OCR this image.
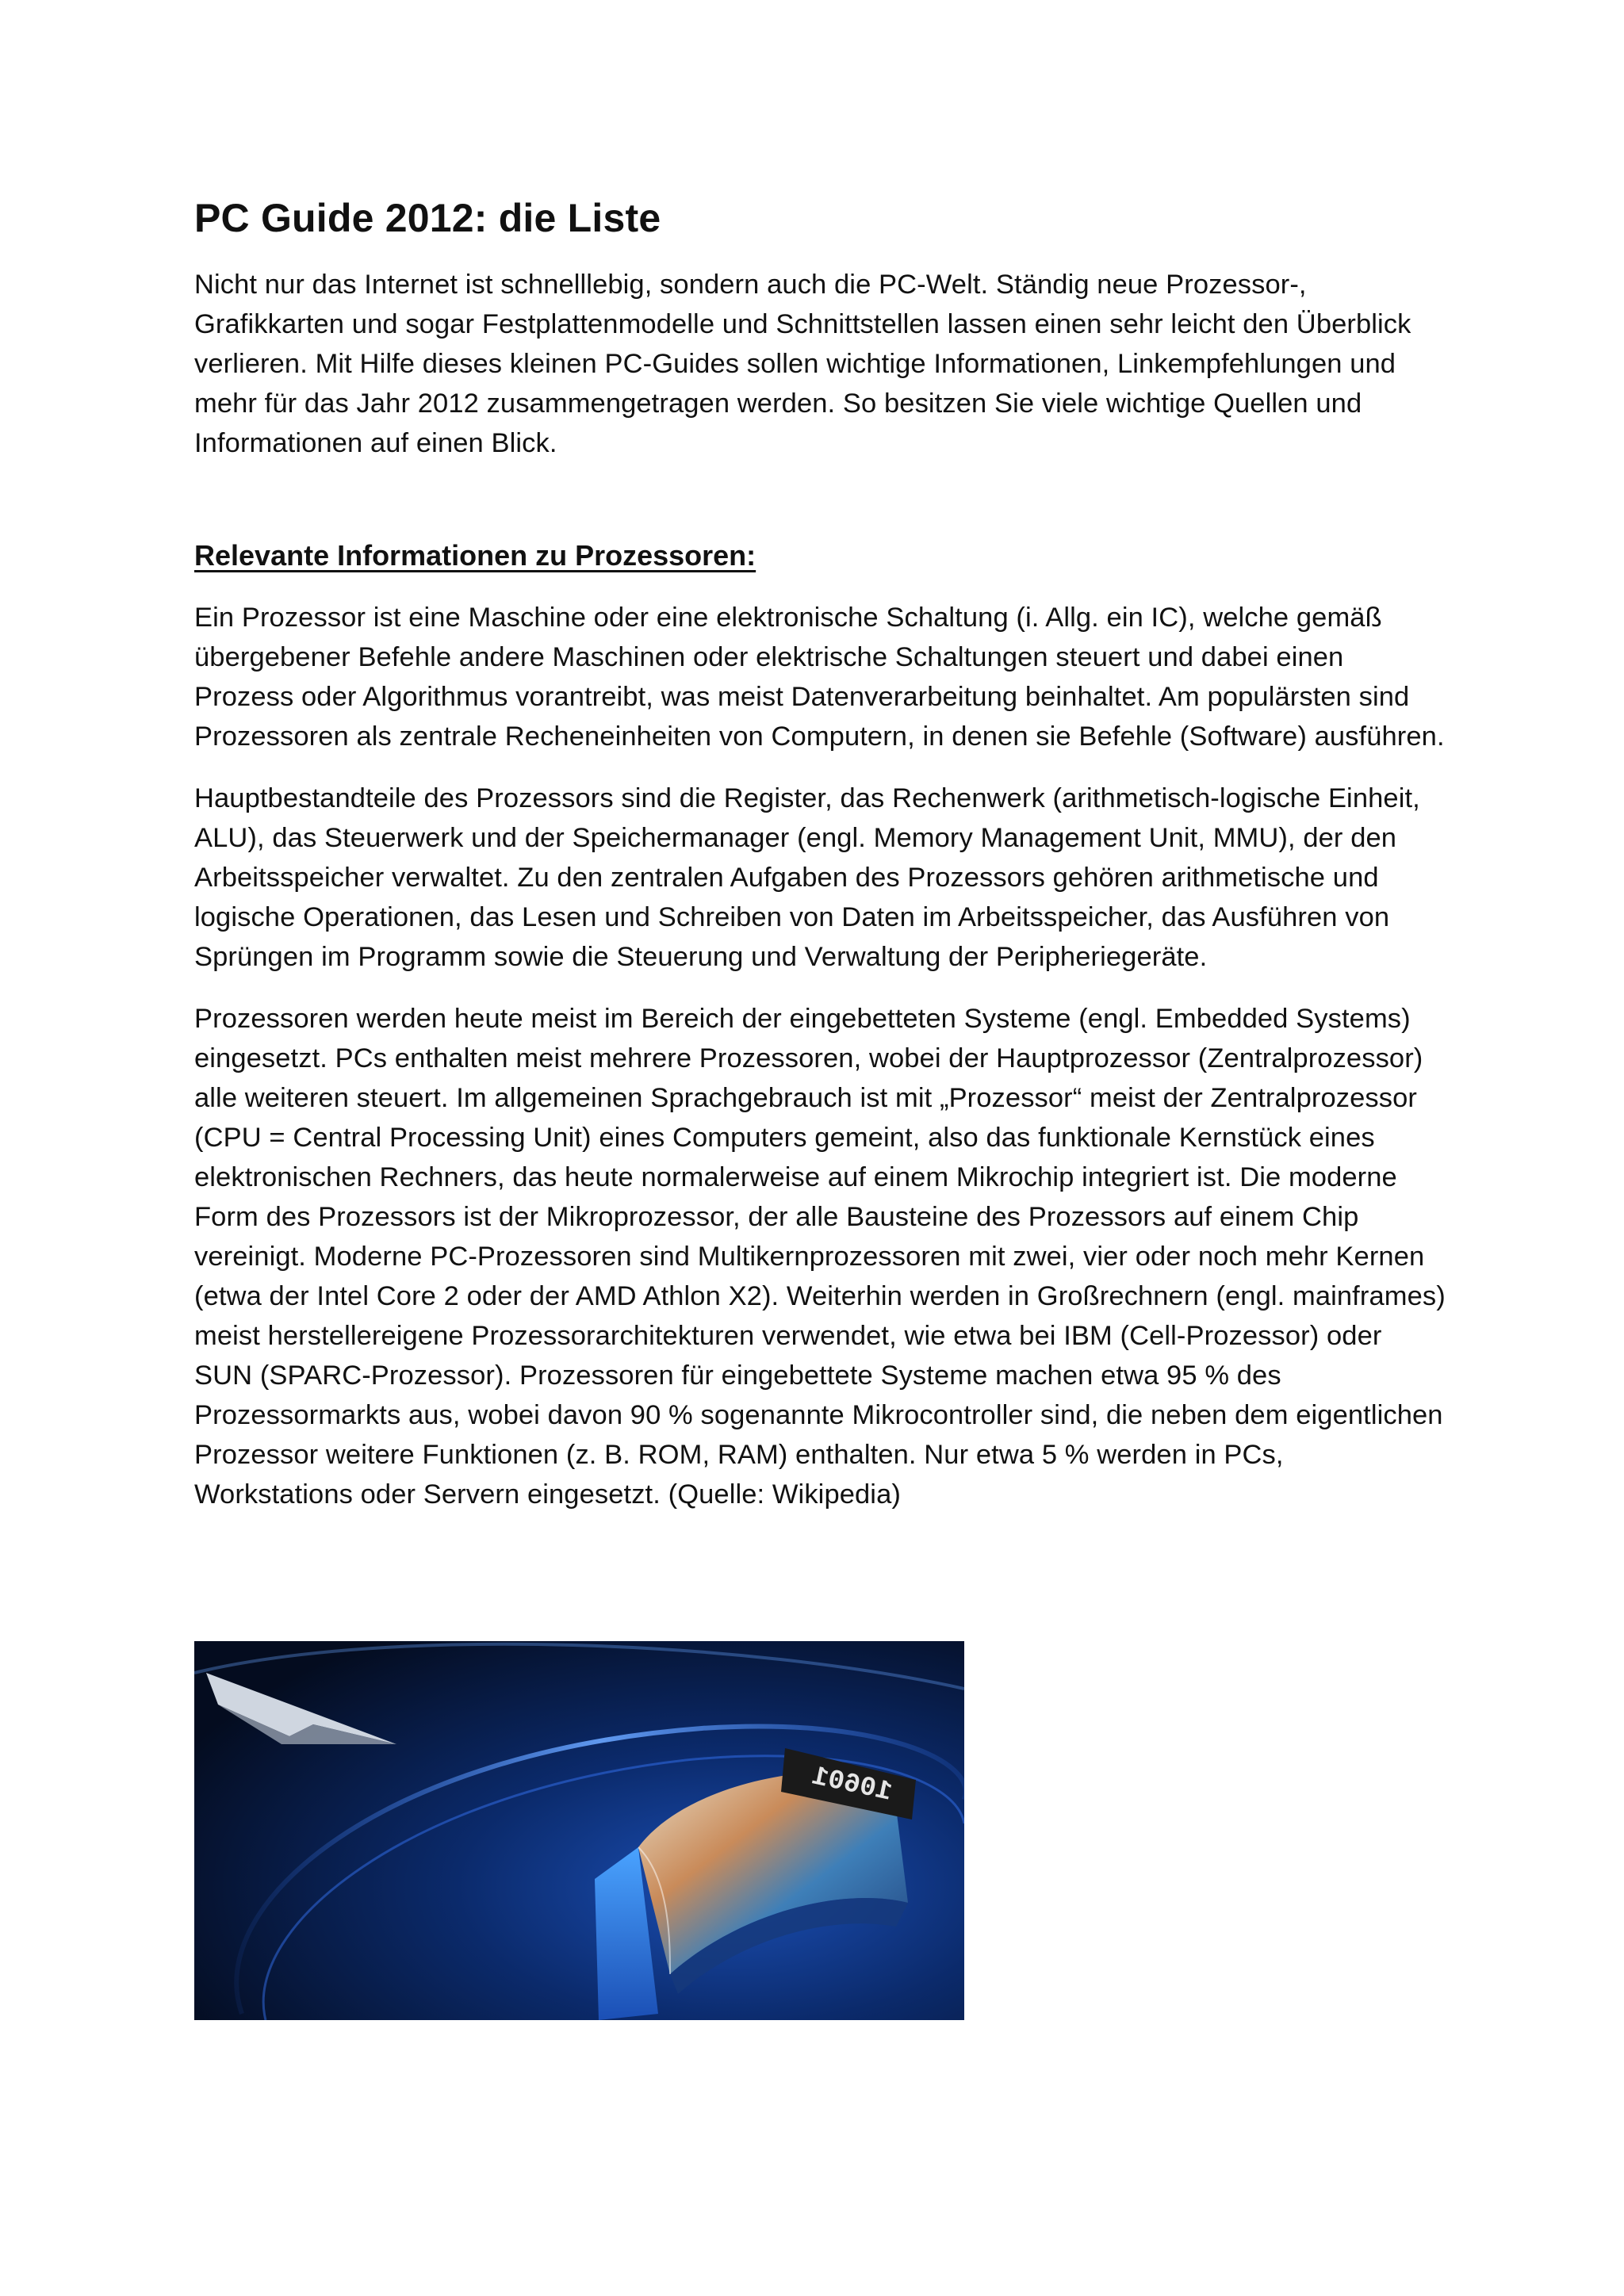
PC Guide 2012: die Liste

Nicht nur das Internet ist schnelllebig, sondern auch die PC-Welt. Ständig neue Prozessor-, Grafikkarten und sogar Festplattenmodelle und Schnittstellen lassen einen sehr leicht den Überblick verlieren. Mit Hilfe dieses kleinen PC-Guides sollen wichtige Informationen, Linkempfehlungen und mehr für das Jahr 2012 zusammengetragen werden. So besitzen Sie viele wichtige Quellen und Informationen auf einen Blick.

Relevante Informationen zu Prozessoren:

Ein Prozessor ist eine Maschine oder eine elektronische Schaltung (i. Allg. ein IC), welche gemäß übergebener Befehle andere Maschinen oder elektrische Schaltungen steuert und dabei einen Prozess oder Algorithmus vorantreibt, was meist Datenverarbeitung beinhaltet. Am populärsten sind Prozessoren als zentrale Recheneinheiten von Computern, in denen sie Befehle (Software) ausführen.

Hauptbestandteile des Prozessors sind die Register, das Rechenwerk (arithmetisch-logische Einheit, ALU), das Steuerwerk und der Speichermanager (engl. Memory Management Unit, MMU), der den Arbeitsspeicher verwaltet. Zu den zentralen Aufgaben des Prozessors gehören arithmetische und logische Operationen, das Lesen und Schreiben von Daten im Arbeitsspeicher, das Ausführen von Sprüngen im Programm sowie die Steuerung und Verwaltung der Peripheriegeräte.

Prozessoren werden heute meist im Bereich der eingebetteten Systeme (engl. Embedded Systems) eingesetzt. PCs enthalten meist mehrere Prozessoren, wobei der Hauptprozessor (Zentralprozessor) alle weiteren steuert. Im allgemeinen Sprachgebrauch ist mit „Prozessor“ meist der Zentralprozessor (CPU = Central Processing Unit) eines Computers gemeint, also das funktionale Kernstück eines elektronischen Rechners, das heute normalerweise auf einem Mikrochip integriert ist. Die moderne Form des Prozessors ist der Mikroprozessor, der alle Bausteine des Prozessors auf einem Chip vereinigt. Moderne PC-Prozessoren sind Multikernprozessoren mit zwei, vier oder noch mehr Kernen (etwa der Intel Core 2 oder der AMD Athlon X2). Weiterhin werden in Großrechnern (engl. mainframes) meist herstellereigene Prozessorarchitekturen verwendet, wie etwa bei IBM (Cell-Prozessor) oder SUN (SPARC-Prozessor). Prozessoren für eingebettete Systeme machen etwa 95 % des Prozessormarkts aus, wobei davon 90 % sogenannte Mikrocontroller sind, die neben dem eigentlichen Prozessor weitere Funktionen (z. B. ROM, RAM) enthalten. Nur etwa 5 % werden in PCs, Workstations oder Servern eingesetzt. (Quelle: Wikipedia)

10601
